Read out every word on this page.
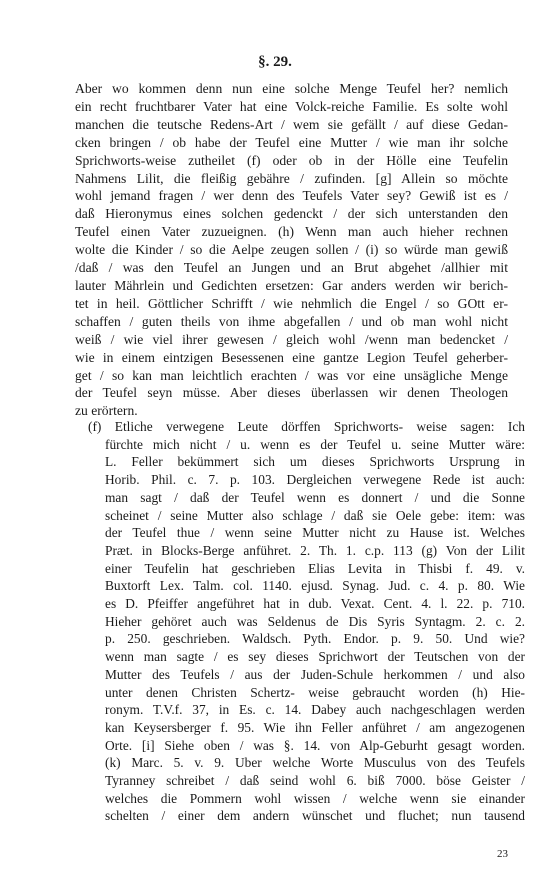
§. 29.
Aber wo kommen denn nun eine solche Menge Teufel her? nemlich
ein recht fruchtbarer Vater hat eine Volck-reiche Familie. Es solte wohl
manchen die teutsche Redens-Art / wem sie gefällt / auf diese Gedan-
cken bringen / ob habe der Teufel eine Mutter / wie man ihr solche
Sprichworts-weise zutheilet (f) oder ob in der Hölle eine Teufelin
Nahmens Lilit, die fleißig gebähre / zufinden. [g] Allein so möchte
wohl jemand fragen / wer denn des Teufels Vater sey? Gewiß ist es /
daß Hieronymus eines solchen gedenckt / der sich unterstanden den
Teufel einen Vater zuzueignen. (h) Wenn man auch hieher rechnen
wolte die Kinder / so die Aelpe zeugen sollen / (i) so würde man gewiß
/daß / was den Teufel an Jungen und an Brut abgehet /allhier mit
lauter Mährlein und Gedichten ersetzen: Gar anders werden wir berich-
tet in heil. Göttlicher Schrifft / wie nehmlich die Engel / so GOtt er-
schaffen / guten theils von ihme abgefallen / und ob man wohl nicht
weiß / wie viel ihrer gewesen / gleich wohl /wenn man bedencket /
wie in einem eintzigen Besessenen eine gantze Legion Teufel geherber-
get / so kan man leichtlich erachten / was vor eine unsägliche Menge
der Teufel seyn müsse. Aber dieses überlassen wir denen Theologen
zu erörtern.
(f) Etliche verwegene Leute dörffen Sprichworts- weise sagen: Ich
fürchte mich nicht / u. wenn es der Teufel u. seine Mutter wäre:
L. Feller bekümmert sich um dieses Sprichworts Ursprung in
Horib. Phil. c. 7. p. 103. Dergleichen verwegene Rede ist auch:
man sagt / daß der Teufel wenn es donnert / und die Sonne
scheinet / seine Mutter also schlage / daß sie Oele gebe: item: was
der Teufel thue / wenn seine Mutter nicht zu Hause ist. Welches
Præt. in Blocks-Berge anführet. 2. Th. 1. c.p. 113 (g) Von der Lilit
einer Teufelin hat geschrieben Elias Levita in Thisbi f. 49. v.
Buxtorft Lex. Talm. col. 1140. ejusd. Synag. Jud. c. 4. p. 80. Wie
es D. Pfeiffer angeführet hat in dub. Vexat. Cent. 4. l. 22. p. 710.
Hieher gehöret auch was Seldenus de Dis Syris Syntagm. 2. c. 2.
p. 250. geschrieben. Waldsch. Pyth. Endor. p. 9. 50. Und wie?
wenn man sagte / es sey dieses Sprichwort der Teutschen von der
Mutter des Teufels / aus der Juden-Schule herkommen / und also
unter denen Christen Schertz- weise gebraucht worden (h) Hie-
ronym. T.V.f. 37, in Es. c. 14. Dabey auch nachgeschlagen werden
kan Keysersberger f. 95. Wie ihn Feller anführet / am angezogenen
Orte. [i] Siehe oben / was §. 14. von Alp-Geburht gesagt worden.
(k) Marc. 5. v. 9. Uber welche Worte Musculus von des Teufels
Tyranney schreibet / daß seind wohl 6. biß 7000. böse Geister /
welches die Pommern wohl wissen / welche wenn sie einander
schelten / einer dem andern wünschet und fluchet; nun tausend
23
